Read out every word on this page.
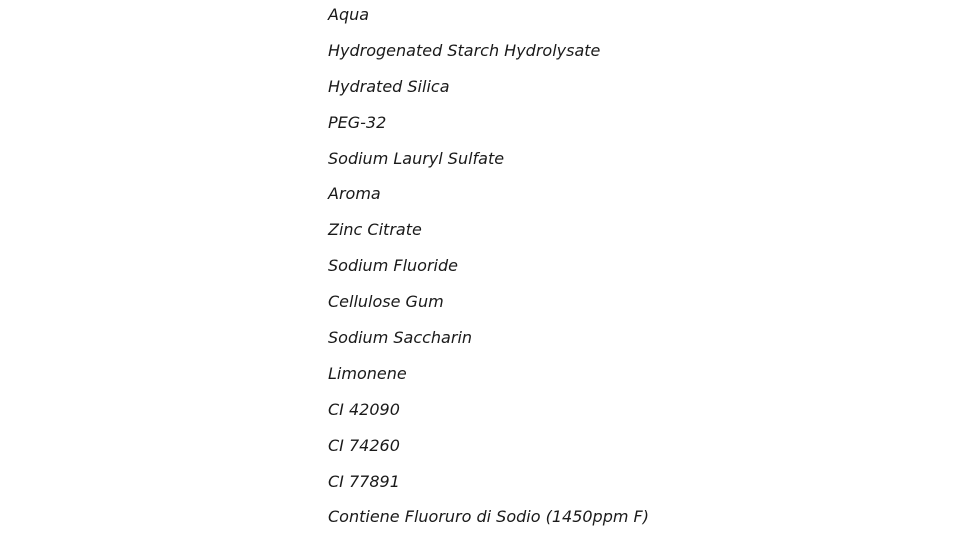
Aqua
Hydrogenated Starch Hydrolysate
Hydrated Silica
PEG-32
Sodium Lauryl Sulfate
Aroma
Zinc Citrate
Sodium Fluoride
Cellulose Gum
Sodium Saccharin
Limonene
CI 42090
CI 74260
CI 77891
Contiene Fluoruro di Sodio (1450ppm F)
